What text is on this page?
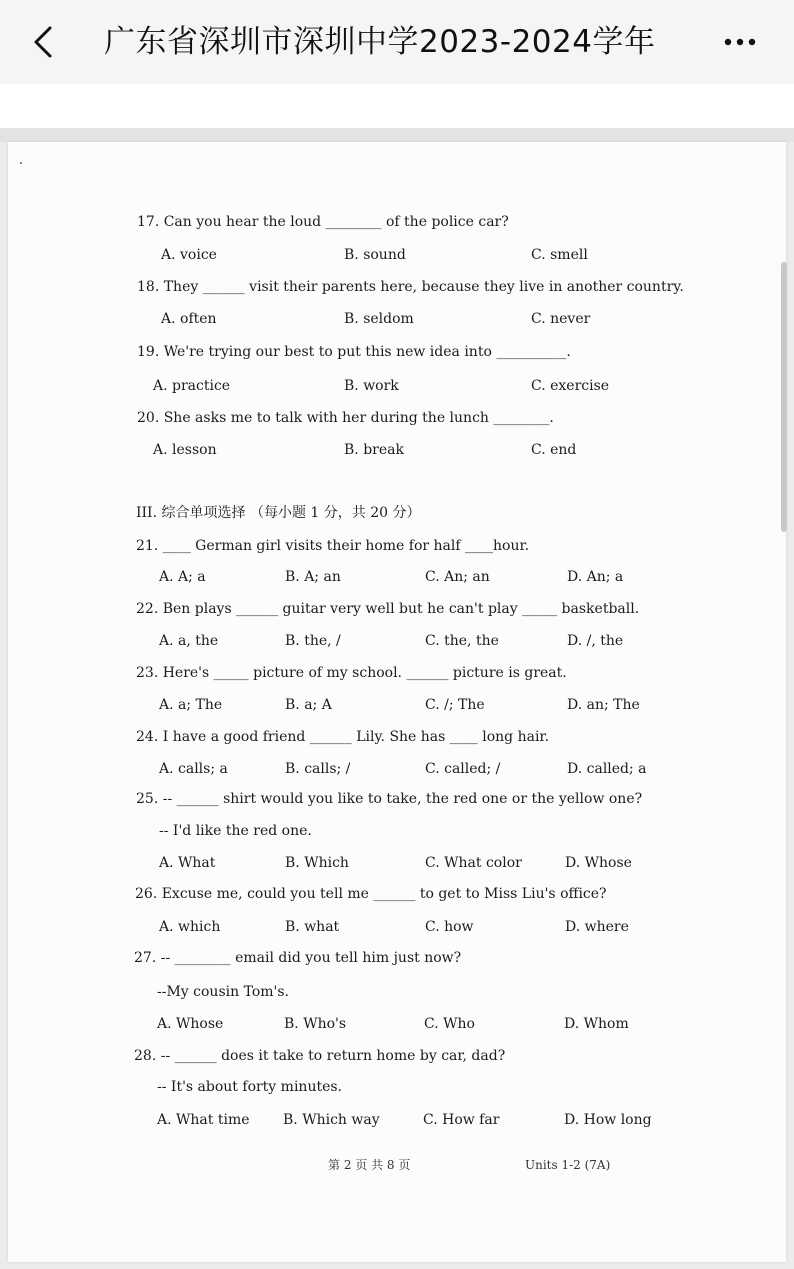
广东省深圳市深圳中学2023-2024学年
17. Can you hear the loud ________ of the police car?
A. voice	B. sound	C. smell
18. They ______ visit their parents here, because they live in another country.
A. often	B. seldom	C. never
19. We're trying our best to put this new idea into __________.
A. practice	B. work	C. exercise
20. She asks me to talk with her during the lunch ________.
A. lesson	B. break	C. end
III. 综合单项选择 （每小题 1 分，共 20 分）
21. ____ German girl visits their home for half ____hour.
A. A; a	B. A; an	C. An; an	D. An; a
22. Ben plays ______ guitar very well but he can't play _____ basketball.
A. a, the	B. the, /	C. the, the	D. /, the
23. Here's _____ picture of my school. ______ picture is great.
A. a; The	B. a; A	C. /; The	D. an; The
24. I have a good friend ______ Lily. She has ____ long hair.
A. calls; a	B. calls; /	C. called; /	D. called; a
25. -- ______ shirt would you like to take, the red one or the yellow one?
-- I'd like the red one.
A. What	B. Which	C. What color	D. Whose
26. Excuse me, could you tell me ______ to get to Miss Liu's office?
A. which	B. what	C. how	D. where
27. -- ________ email did you tell him just now?
--My cousin Tom's.
A. Whose	B. Who's	C. Who	D. Whom
28. -- ______ does it take to return home by car, dad?
-- It's about forty minutes.
A. What time B. Which way	C. How far	D. How long
第 2 页 共 8 页	Units 1-2 (7A)
